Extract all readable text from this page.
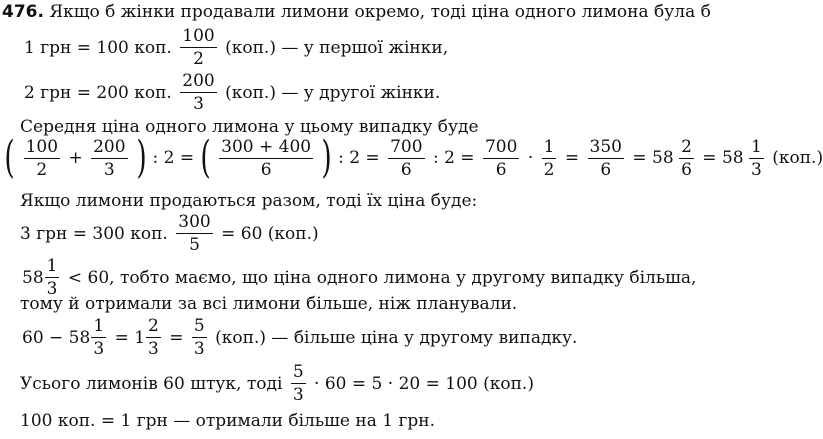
476. Якщо б жінки продавали лимони окремо, тоді ціна одного лимона була б
1 грн = 100 коп. $\frac{100}{2} (коп.)$ — у першої жінки,
2 грн = 200 коп. $\frac{200}{3} (коп.)$ — у другої жінки.
Середня ціна одного лимона у цьому випадку буде
( $\frac{100}{2} + \frac{200}{3}$ ) : 2 = ( $\frac{300 + 400}{6}$ ) : $2 = \frac{700}{6}$ : $2 = \frac{700}{6} \cdot \frac{1}{2} = \frac{350}{6} = 58 \frac{2}{6} = 58 \frac{1}{3} (коп.)$
Якщо лимони продаються разом, тоді їх ціна буде:
3 грн = 300 коп. $\frac{300}{5} = 60$ (коп.)
$58 \frac{1}{3} < 60$, тобто маємо, що ціна одного лимона у другому випадку більша,
тому й отримали за всі лимони більше, ніж планували.
$60 - 58 \frac{1}{3} = 1 \frac{2}{3} = \frac{5}{3} (коп.)$ — більше ціна у другому випадку.
Усього лимонів 60 штук, тоді $\frac{5}{3} \cdot 60 = 5 \cdot 20 = 100$ (коп.)
100 коп. = 1 грн — отримали більше на 1 грн.
